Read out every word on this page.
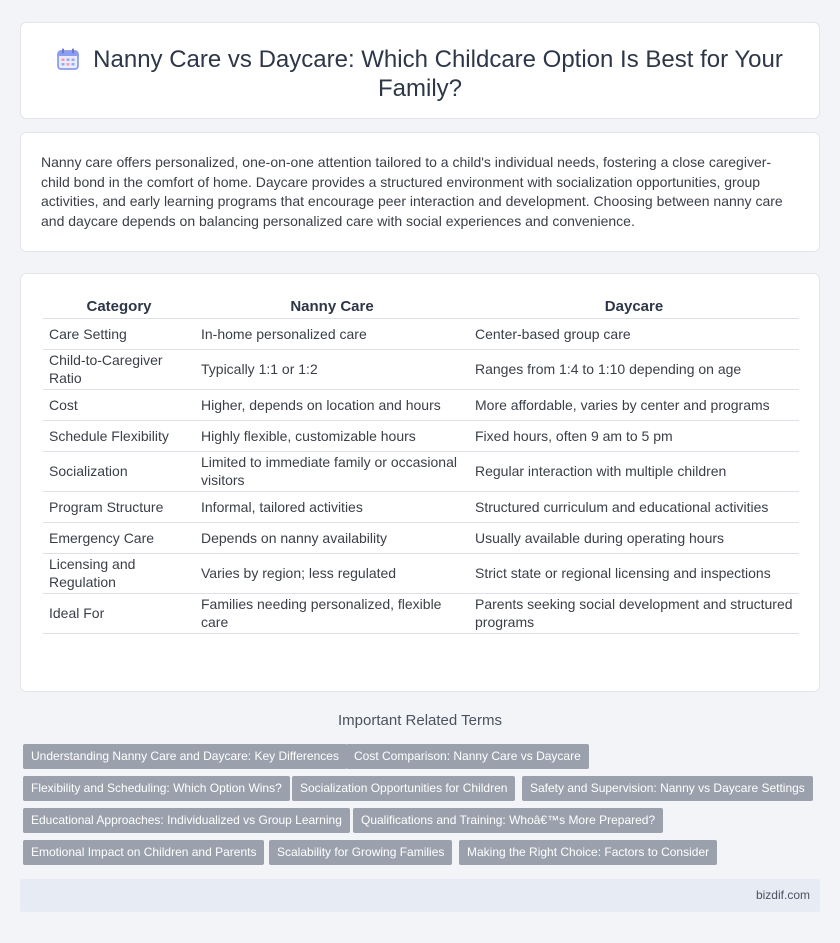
Nanny Care vs Daycare: Which Childcare Option Is Best for Your Family?

Nanny care offers personalized, one-on-one attention tailored to a child's individual needs, fostering a close caregiver-child bond in the comfort of home. Daycare provides a structured environment with socialization opportunities, group activities, and early learning programs that encourage peer interaction and development. Choosing between nanny care and daycare depends on balancing personalized care with social experiences and convenience.

Category	Nanny Care	Daycare
Care Setting	In-home personalized care	Center-based group care
Child-to-Caregiver Ratio	Typically 1:1 or 1:2	Ranges from 1:4 to 1:10 depending on age
Cost	Higher, depends on location and hours	More affordable, varies by center and programs
Schedule Flexibility	Highly flexible, customizable hours	Fixed hours, often 9 am to 5 pm
Socialization	Limited to immediate family or occasional visitors	Regular interaction with multiple children
Program Structure	Informal, tailored activities	Structured curriculum and educational activities
Emergency Care	Depends on nanny availability	Usually available during operating hours
Licensing and Regulation	Varies by region; less regulated	Strict state or regional licensing and inspections
Ideal For	Families needing personalized, flexible care	Parents seeking social development and structured programs
Important Related Terms
Understanding Nanny Care and Daycare: Key Differences	Cost Comparison: Nanny Care vs Daycare
Flexibility and Scheduling: Which Option Wins?	Socialization Opportunities for Children	Safety and Supervision: Nanny vs Daycare Settings
Educational Approaches: Individualized vs Group Learning	Qualifications and Training: Whoâ€™s More Prepared?
Emotional Impact on Children and Parents	Scalability for Growing Families	Making the Right Choice: Factors to Consider
bizdif.com
